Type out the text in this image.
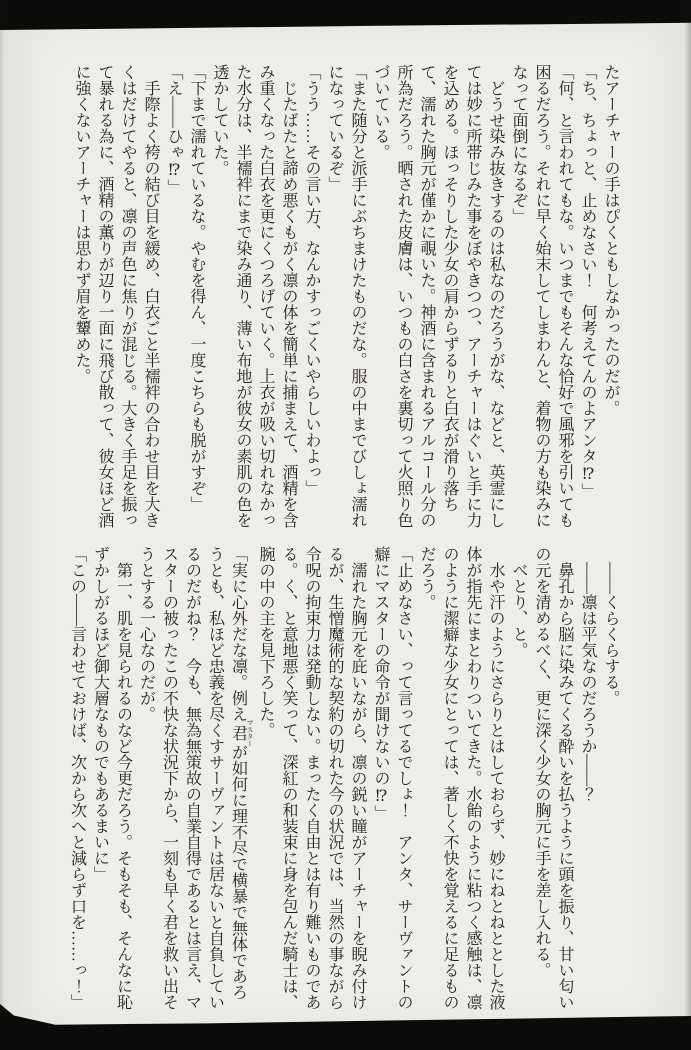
たアーチャーの手はぴくともしなかったのだが。

「ち、ちょっと、止めなさい！　何考えてんのよアンタ⁉」

「何、と言われてもな。いつまでもそんな恰好で風邪を引いても困るだろう。それに早く始末してしまわんと、着物の方も染みになって面倒になるぞ」

どうせ染み抜きするのは私なのだろうがな、などと、英霊にしては妙に所帯じみた事をぼやきつつ、アーチャーはぐいと手に力を込める。ほっそりした少女の肩からずるりと白衣が滑り落ちて、濡れた胸元が僅かに覗いた。神酒に含まれるアルコール分の所為だろう。晒された皮膚は、いつもの白さを裏切って火照り色づいている。

「また随分と派手にぶちまけたものだな。服の中までびしょ濡れになっているぞ」

「うう……その言い方、なんかすっごくいやらしいわよっ」

じたばたと諦め悪くもがく凛の体を簡単に捕まえて、酒精を含み重くなった白衣を更にくつろげていく。上衣が吸い切れなかった水分は、半襦袢にまで染み通り、薄い布地が彼女の素肌の色を透かしていた。

「下まで濡れているな。やむを得ん、一度こちらも脱がすぞ」

「え――ひゃ⁉」

手際よく袴の結び目を緩め、白衣ごと半襦袢の合わせ目を大きくはだけてやると、凛の声色に焦りが混じる。大きく手足を振って暴れる為に、酒精の薫りが辺り一面に飛び散って、彼女ほど酒に強くないアーチャーは思わず眉を顰めた。

――くらくらする。

――凛は平気なのだろうか――？

鼻孔から脳に染みてくる酔いを払うように頭を振り、甘い匂いの元を清めるべく、更に深く少女の胸元に手を差し入れる。

べとり、と。

水や汗のようにさらりとはしておらず、妙にねとねととした液体が指先にまとわりついてきた。水飴のように粘つく感触は、凛のように潔癖な少女にとっては、著しく不快を覚えるに足るものだろう。

「止めなさい、って言ってるでしょ！　アンタ、サーヴァントの癖にマスターの命令が聞けないの⁉」

濡れた胸元を庇いながら、凛の鋭い瞳がアーチャーを睨み付けるが、生憎魔術的な契約の切れた今の状況では、当然の事ながら令呪の拘束力は発動しない。まったく自由とは有り難いものである。く、と意地悪く笑って、深紅の和装束に身を包んだ騎士は、腕の中の主を見下ろした。

「実に心外だな凛。例え君 マスターが如何に理不尽で横暴で無体であろうとも、私ほど忠義を尽くすサーヴァントは居ないと自負しているのだがね？　今も、無為無策故の自業自得であるとは言え、マスターの被ったこの不快な状況下から、一刻も早く君を救い出そうとする一心なのだが。

第一、肌を見られるのなど今更だろう。そもそも、そんなに恥ずかしがるほど御大層なものでもあるまいに」

「この――言わせておけば、次から次へと減らず口を……っ！」
